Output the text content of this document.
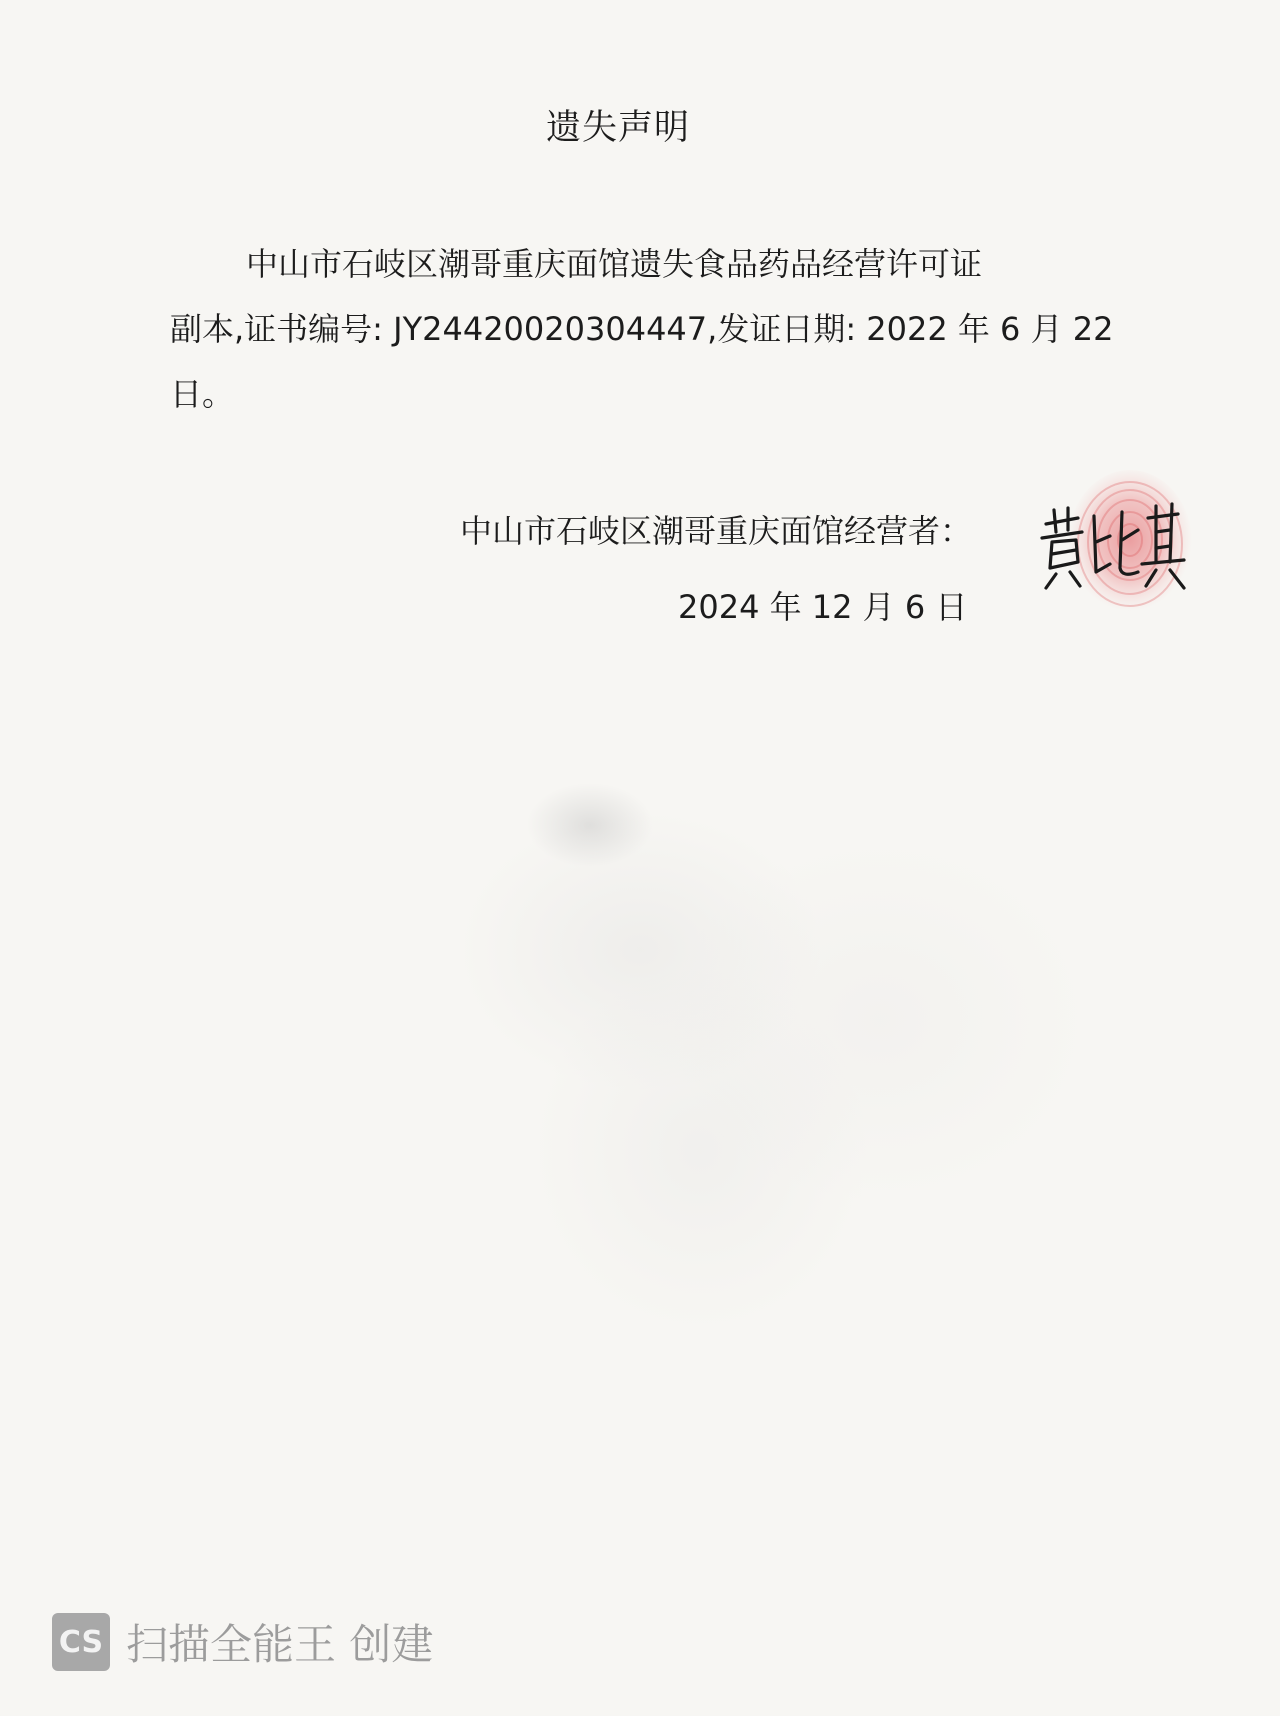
遗失声明
中山市石岐区潮哥重庆面馆遗失食品药品经营许可证
副本,证书编号: JY24420020304447,发证日期: 2022 年 6 月 22
日。
中山市石岐区潮哥重庆面馆经营者：
2024 年 12 月 6 日
CS 扫描全能王 创建
